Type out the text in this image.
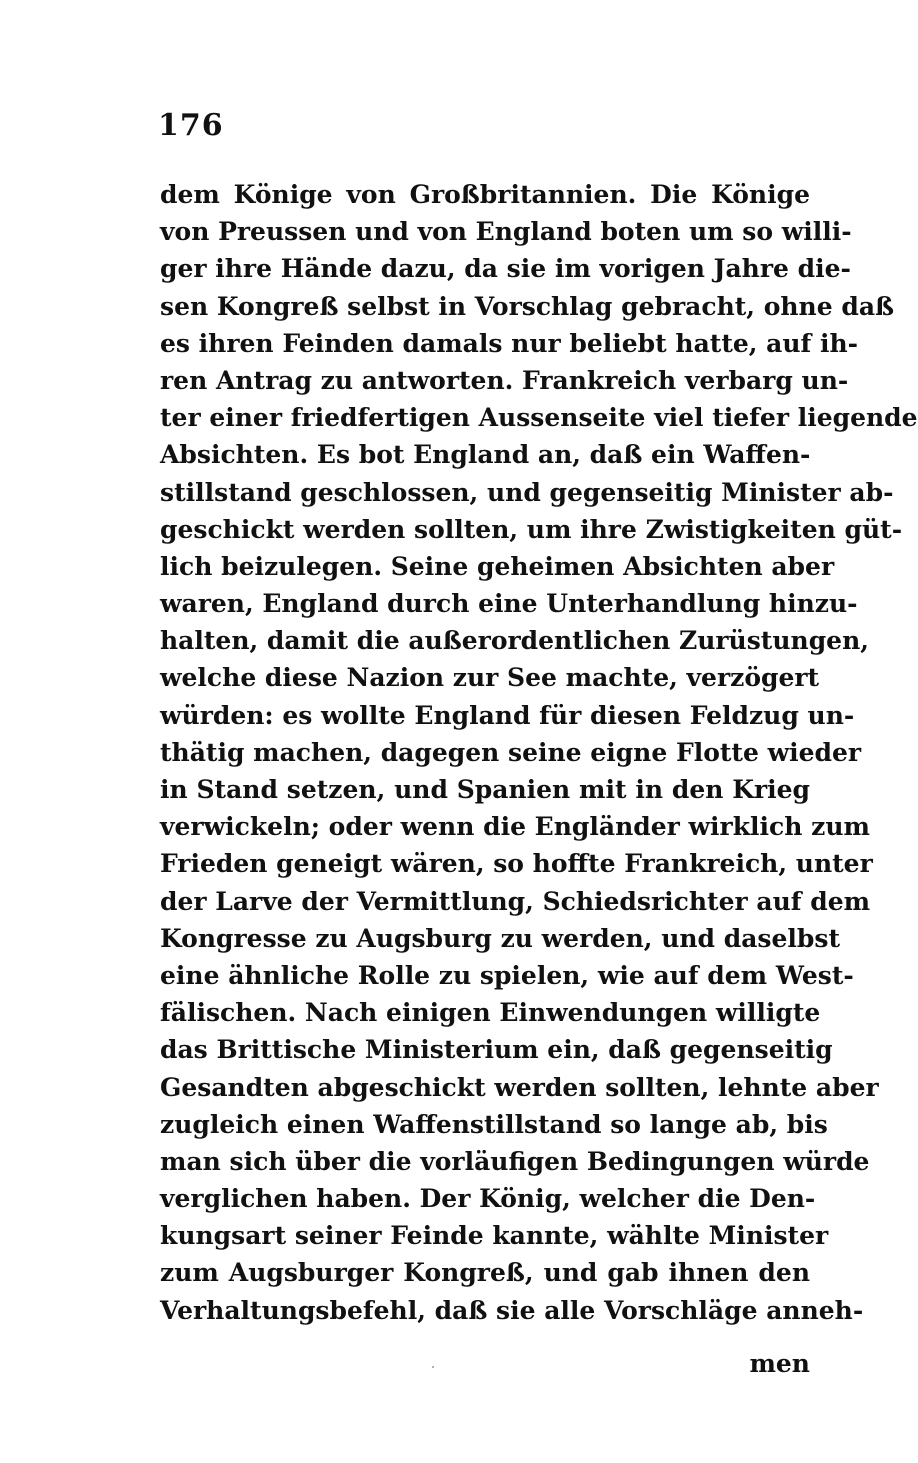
176
dem Könige von Großbritannien. Die Könige
von Preussen und von England boten um so willi-
ger ihre Hände dazu, da sie im vorigen Jahre die-
sen Kongreß selbst in Vorschlag gebracht, ohne daß
es ihren Feinden damals nur beliebt hatte, auf ih-
ren Antrag zu antworten. Frankreich verbarg un-
ter einer friedfertigen Aussenseite viel tiefer liegende
Absichten. Es bot England an, daß ein Waffen-
stillstand geschlossen, und gegenseitig Minister ab-
geschickt werden sollten, um ihre Zwistigkeiten güt-
lich beizulegen. Seine geheimen Absichten aber
waren, England durch eine Unterhandlung hinzu-
halten, damit die außerordentlichen Zurüstungen,
welche diese Nazion zur See machte, verzögert
würden: es wollte England für diesen Feldzug un-
thätig machen, dagegen seine eigne Flotte wieder
in Stand setzen, und Spanien mit in den Krieg
verwickeln; oder wenn die Engländer wirklich zum
Frieden geneigt wären, so hoffte Frankreich, unter
der Larve der Vermittlung, Schiedsrichter auf dem
Kongresse zu Augsburg zu werden, und daselbst
eine ähnliche Rolle zu spielen, wie auf dem West-
fälischen. Nach einigen Einwendungen willigte
das Brittische Ministerium ein, daß gegenseitig
Gesandten abgeschickt werden sollten, lehnte aber
zugleich einen Waffenstillstand so lange ab, bis
man sich über die vorläufigen Bedingungen würde
verglichen haben. Der König, welcher die Den-
kungsart seiner Feinde kannte, wählte Minister
zum Augsburger Kongreß, und gab ihnen den
Verhaltungsbefehl, daß sie alle Vorschläge anneh-
men
